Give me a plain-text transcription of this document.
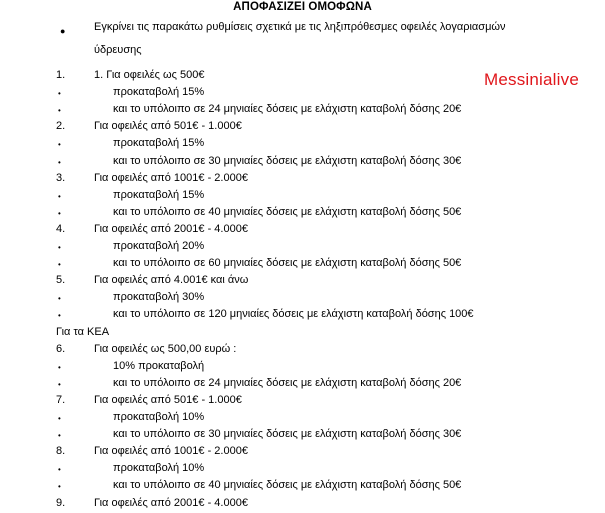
ΑΠΟΦΑΣΙΖΕΙ ΟΜΟΦΩΝΑ
Messinialive
●	Εγκρίνει τις παρακάτω ρυθμίσεις σχετικά με τις ληξιπρόθεσμες οφειλές λογαριασμών
ύδρευσης
1.	1. Για οφειλές ως 500€
•	προκαταβολή 15%
•	και το υπόλοιπο σε 24 μηνιαίες δόσεις με ελάχιστη καταβολή δόσης 20€
2.	Για οφειλές από 501€ - 1.000€
•	προκαταβολή 15%
•	και το υπόλοιπο σε 30 μηνιαίες δόσεις με ελάχιστη καταβολή δόσης 30€
3.	Για οφειλές από 1001€ - 2.000€
•	προκαταβολή 15%
•	και το υπόλοιπο σε 40 μηνιαίες δόσεις με ελάχιστη καταβολή δόσης 50€
4.	Για οφειλές από 2001€ - 4.000€
•	προκαταβολή 20%
•	και το υπόλοιπο σε 60 μηνιαίες δόσεις με ελάχιστη καταβολή δόσης 50€
5.	Για οφειλές από 4.001€ και άνω
•	προκαταβολή 30%
•	και το υπόλοιπο σε 120 μηνιαίες δόσεις με ελάχιστη καταβολή δόσης 100€
Για τα ΚΕΑ
6.	Για οφειλές ως 500,00 ευρώ :
•	10% προκαταβολή
•	και το υπόλοιπο σε 24 μηνιαίες δόσεις με ελάχιστη καταβολή δόσης 20€
7.	Για οφειλές από 501€ - 1.000€
•	προκαταβολή 10%
•	και το υπόλοιπο σε 30 μηνιαίες δόσεις με ελάχιστη καταβολή δόσης 30€
8.	Για οφειλές από 1001€ - 2.000€
•	προκαταβολή 10%
•	και το υπόλοιπο σε 40 μηνιαίες δόσεις με ελάχιστη καταβολή δόσης 50€
9.	Για οφειλές από 2001€ - 4.000€
